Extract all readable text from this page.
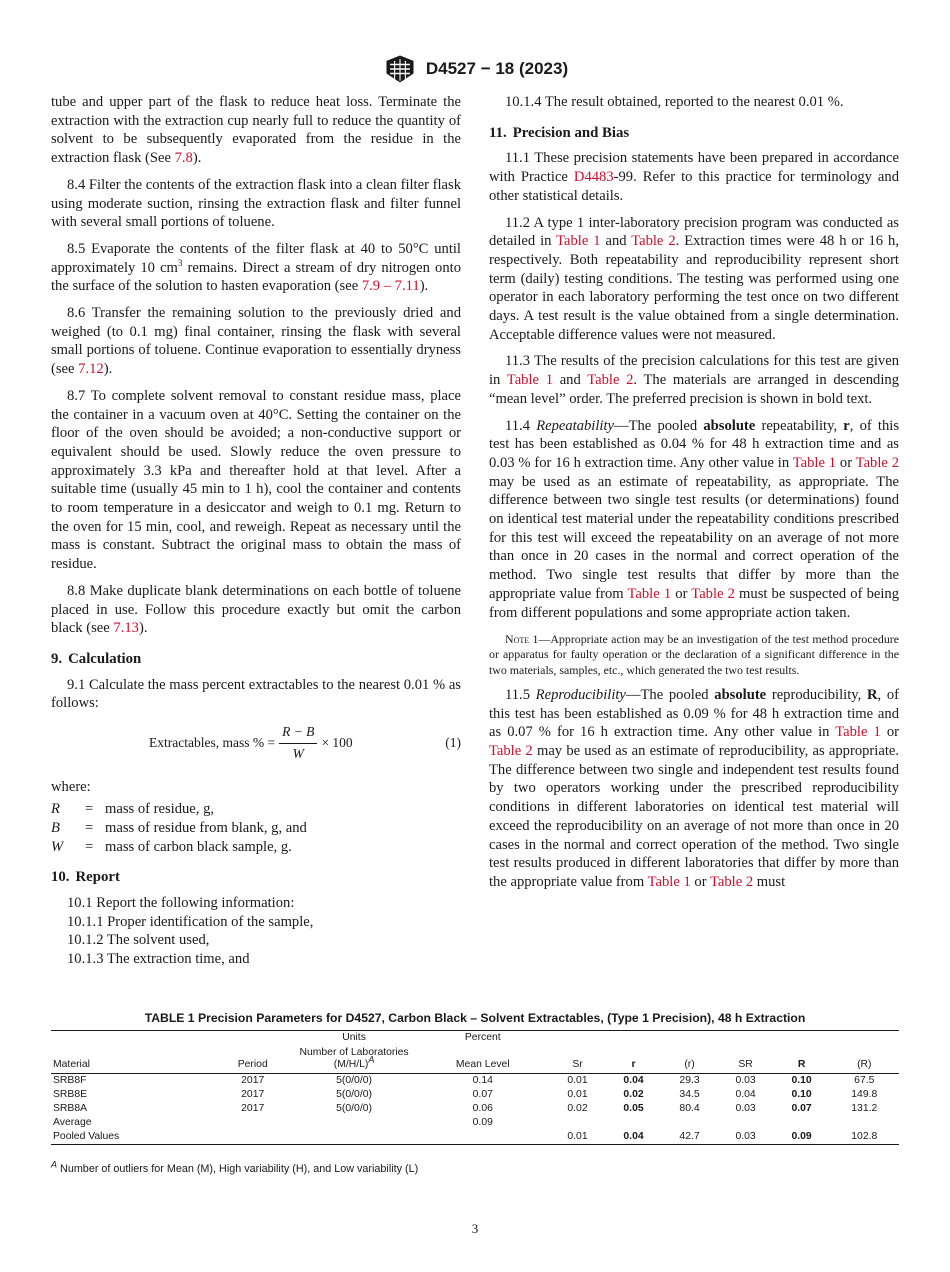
D4527 − 18 (2023)

tube and upper part of the flask to reduce heat loss. Terminate the extraction with the extraction cup nearly full to reduce the quantity of solvent to be subsequently evaporated from the residue in the extraction flask (See 7.8).

8.4 Filter the contents of the extraction flask into a clean filter flask using moderate suction, rinsing the extraction flask and filter funnel with several small portions of toluene.

8.5 Evaporate the contents of the filter flask at 40 to 50°C until approximately 10 $cm^3$ remains. Direct a stream of dry nitrogen onto the surface of the solution to hasten evaporation (see 7.9 – 7.11).

8.6 Transfer the remaining solution to the previously dried and weighed (to 0.1 mg) final container, rinsing the flask with several small portions of toluene. Continue evaporation to essentially dryness (see 7.12).

8.7 To complete solvent removal to constant residue mass, place the container in a vacuum oven at 40°C. Setting the container on the floor of the oven should be avoided; a non-conductive support or equivalent should be used. Slowly reduce the oven pressure to approximately 3.3 kPa and thereafter hold at that level. After a suitable time (usually 45 min to 1 h), cool the container and contents to room temperature in a desiccator and weigh to 0.1 mg. Return to the oven for 15 min, cool, and reweigh. Repeat as necessary until the mass is constant. Subtract the original mass to obtain the mass of residue.

8.8 Make duplicate blank determinations on each bottle of toluene placed in use. Follow this procedure exactly but omit the carbon black (see 7.13).

9. Calculation

9.1 Calculate the mass percent extractables to the nearest 0.01 % as follows:

Extractables, mass % = $\frac{R - B}{W} \times 100$	(1)
where:
R	= mass of residue, g,
B	= mass of residue from blank, g, and
W	= mass of carbon black sample, g.
10. Report
10.1 Report the following information:
10.1.1 Proper identification of the sample,
10.1.2 The solvent used,
10.1.3 The extraction time, and

10.1.4 The result obtained, reported to the nearest 0.01 %.

11. Precision and Bias

11.1 These precision statements have been prepared in accordance with Practice D4483-99. Refer to this practice for terminology and other statistical details.

11.2 A type 1 inter-laboratory precision program was conducted as detailed in Table 1 and Table 2. Extraction times were 48 h or 16 h, respectively. Both repeatability and reproducibility represent short term (daily) testing conditions. The testing was performed using one operator in each laboratory performing the test once on two different days. A test result is the value obtained from a single determination. Acceptable difference values were not measured.

11.3 The results of the precision calculations for this test are given in Table 1 and Table 2. The materials are arranged in descending “mean level” order. The preferred precision is shown in bold text.

11.4 Repeatability—The pooled absolute repeatability, r, of this test has been established as 0.04 % for 48 h extraction time and as 0.03 % for 16 h extraction time. Any other value in Table 1 or Table 2 may be used as an estimate of repeatability, as appropriate. The difference between two single test results (or determinations) found on identical test material under the repeatability conditions prescribed for this test will exceed the repeatability on an average of not more than once in 20 cases in the normal and correct operation of the method. Two single test results that differ by more than the appropriate value from Table 1 or Table 2 must be suspected of being from different populations and some appropriate action taken.

Note 1—Appropriate action may be an investigation of the test method procedure or apparatus for faulty operation or the declaration of a significant difference in the two materials, samples, etc., which generated the two test results.

11.5 Reproducibility—The pooled absolute reproducibility, R, of this test has been established as 0.09 % for 48 h extraction time and as 0.07 % for 16 h extraction time. Any other value in Table 1 or Table 2 may be used as an estimate of reproducibility, as appropriate. The difference between two single and independent test results found by two operators working under the prescribed reproducibility conditions in different laboratories on identical test material will exceed the reproducibility on an average of not more than once in 20 cases in the normal and correct operation of the method. Two single test results produced in different laboratories that differ by more than the appropriate value from Table 1 or Table 2 must

TABLE 1 Precision Parameters for D4527, Carbon Black – Solvent Extractables, (Type 1 Precision), 48 h Extraction
		Units	Percent						
Material	Period	Number of Laboratories $(M/H/L)^A$	Mean Level	Sr	r	(r)	SR	R	(R)
SRB8F	2017	5(0/0/0)	0.14	0.01	0.04	29.3	0.03	0.10	67.5
SRB8E	2017	5(0/0/0)	0.07	0.01	0.02	34.5	0.04	0.10	149.8
SRB8A	2017	5(0/0/0)	0.06	0.02	0.05	80.4	0.03	0.07	131.2
Average			0.09						
Pooled Values				0.01	0.04	42.7	0.03	0.09	102.8
$^A$ Number of outliers for Mean (M), High variability (H), and Low variability (L)
3
